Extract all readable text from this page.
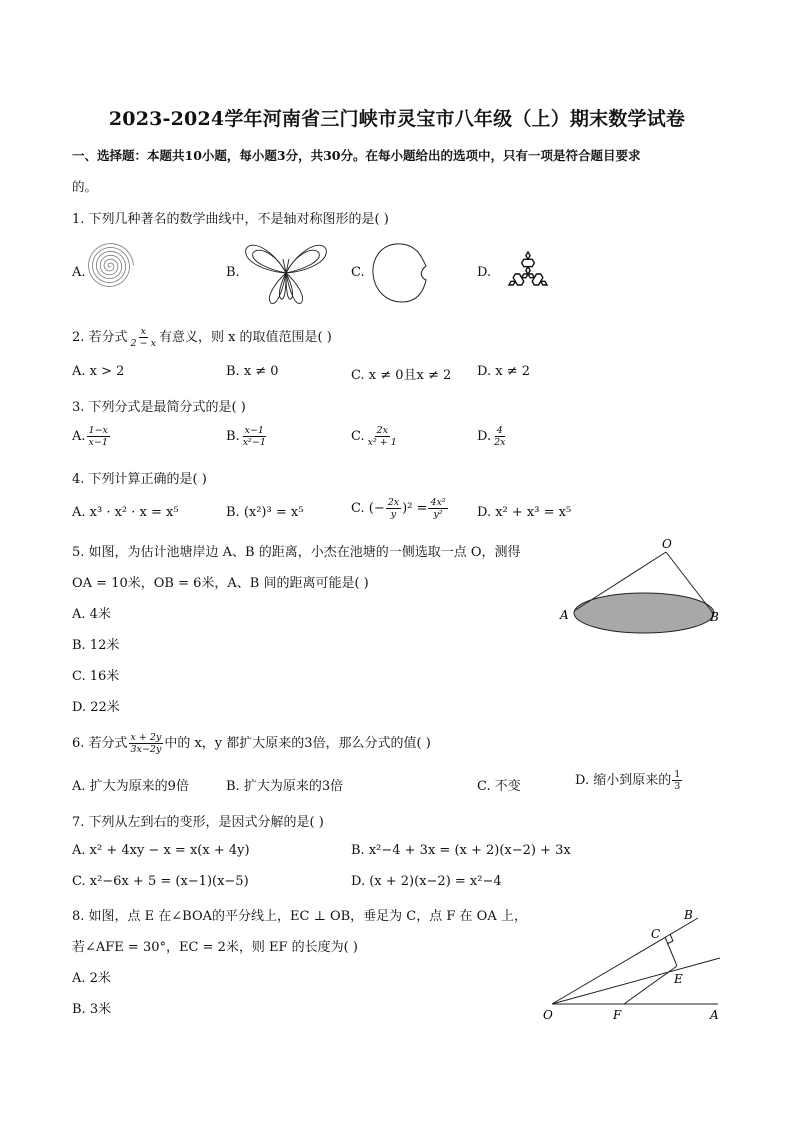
2023-2024学年河南省三门峡市灵宝市八年级（上）期末数学试卷
一、选择题：本题共10小题，每小题3分，共30分。在每小题给出的选项中，只有一项是符合题目要求
的。
1. 下列几种著名的数学曲线中，不是轴对称图形的是( )
A.	B.	C.	D.
2. 若分式 $\frac{x}{2 - x}$ 有意义，则 x 的取值范围是( )
A. x > 2	B. x ≠ 0	C. x ≠ 0且x ≠ 2 D. x ≠ 2
3. 下列分式是最简分式的是( )
A. $\frac{1-x}{x-1}$	B. $\frac{x-1}{\text{x²−1}}$	C. $\frac{2x}{\text{x² + 1}}$	D. $\frac{4}{2x}$
4. 下列计算正确的是( )
A. x³ · x² · x = x⁵	B. (x²)³ = x⁵	C. (− $\frac{2x}{y} )^2 = \frac{\text{4x²}}{\text{y²}} D$. x² + x³ = x⁵
5. 如图，为估计池塘岸边 A、B 的距离，小杰在池塘的一侧选取一点 O，测得
OA = 10米，OB = 6米，A、B 间的距离可能是( )
A. 4米
B. 12米
C. 16米
D. 22米
O
A	B
6. 若分式 $\frac{x + 2y}{3x-2y}$ 中的 x，y 都扩大原来的3倍，那么分式的值( )
A. 扩大为原来的9倍	B. 扩大为原来的3倍	C. 不变	D. 缩小到原来的 $\frac{1}{3}$
7. 下列从左到右的变形，是因式分解的是( )
A. x² + 4xy − x = x(x + 4y)	B. x²−4 + 3x = (x + 2)(x−2) + 3x
C. x²−6x + 5 = (x−1)(x−5)	D. (x + 2)(x−2) = x²−4
8. 如图，点 E 在∠BOA的平分线上，EC ⊥ OB，垂足为 C，点 F 在 OA 上，
若∠AFE = 30°，EC = 2米，则 EF 的长度为( )
A. 2米
B. 3米	O	A
B
C
E
F
